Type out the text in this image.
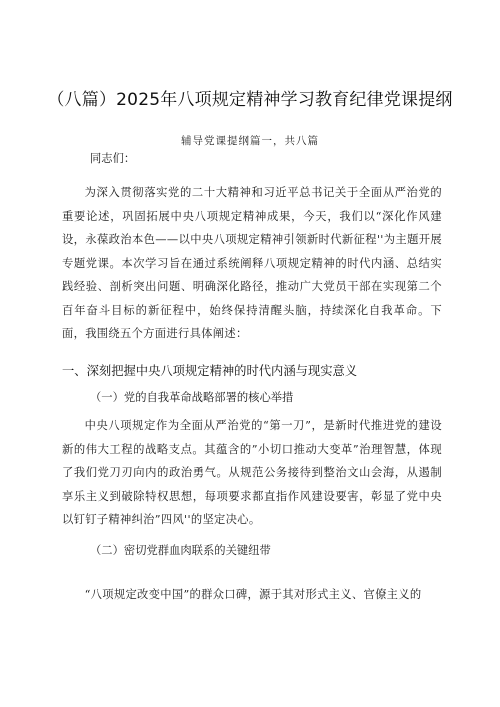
（八篇）2025年八项规定精神学习教育纪律党课提纲
辅导党课提纲篇一，共八篇
同志们：
为深入贯彻落实党的二十大精神和习近平总书记关于全面从严治党的重要论述，巩固拓展中央八项规定精神成果，今天，我们以“深化作风建设，永葆政治本色——以中央八项规定精神引领新时代新征程''为主题开展专题党课。本次学习旨在通过系统阐释八项规定精神的时代内涵、总结实践经验、剖析突出问题、明确深化路径，推动广大党员干部在实现第二个百年奋斗目标的新征程中，始终保持清醒头脑，持续深化自我革命。下面，我围绕五个方面进行具体阐述：
一、深刻把握中央八项规定精神的时代内涵与现实意义
（一）党的自我革命战略部署的核心举措
中央八项规定作为全面从严治党的“第一刀”，是新时代推进党的建设新的伟大工程的战略支点。其蕴含的”小切口推动大变革”治理智慧，体现了我们党刀刃向内的政治勇气。从规范公务接待到整治文山会海，从遏制享乐主义到破除特权思想，每项要求都直指作风建设要害，彰显了党中央以钉钉子精神纠治”四风''的坚定决心。
（二）密切党群血肉联系的关键纽带
“八项规定改变中国”的群众口碑，源于其对形式主义、官僚主义的
